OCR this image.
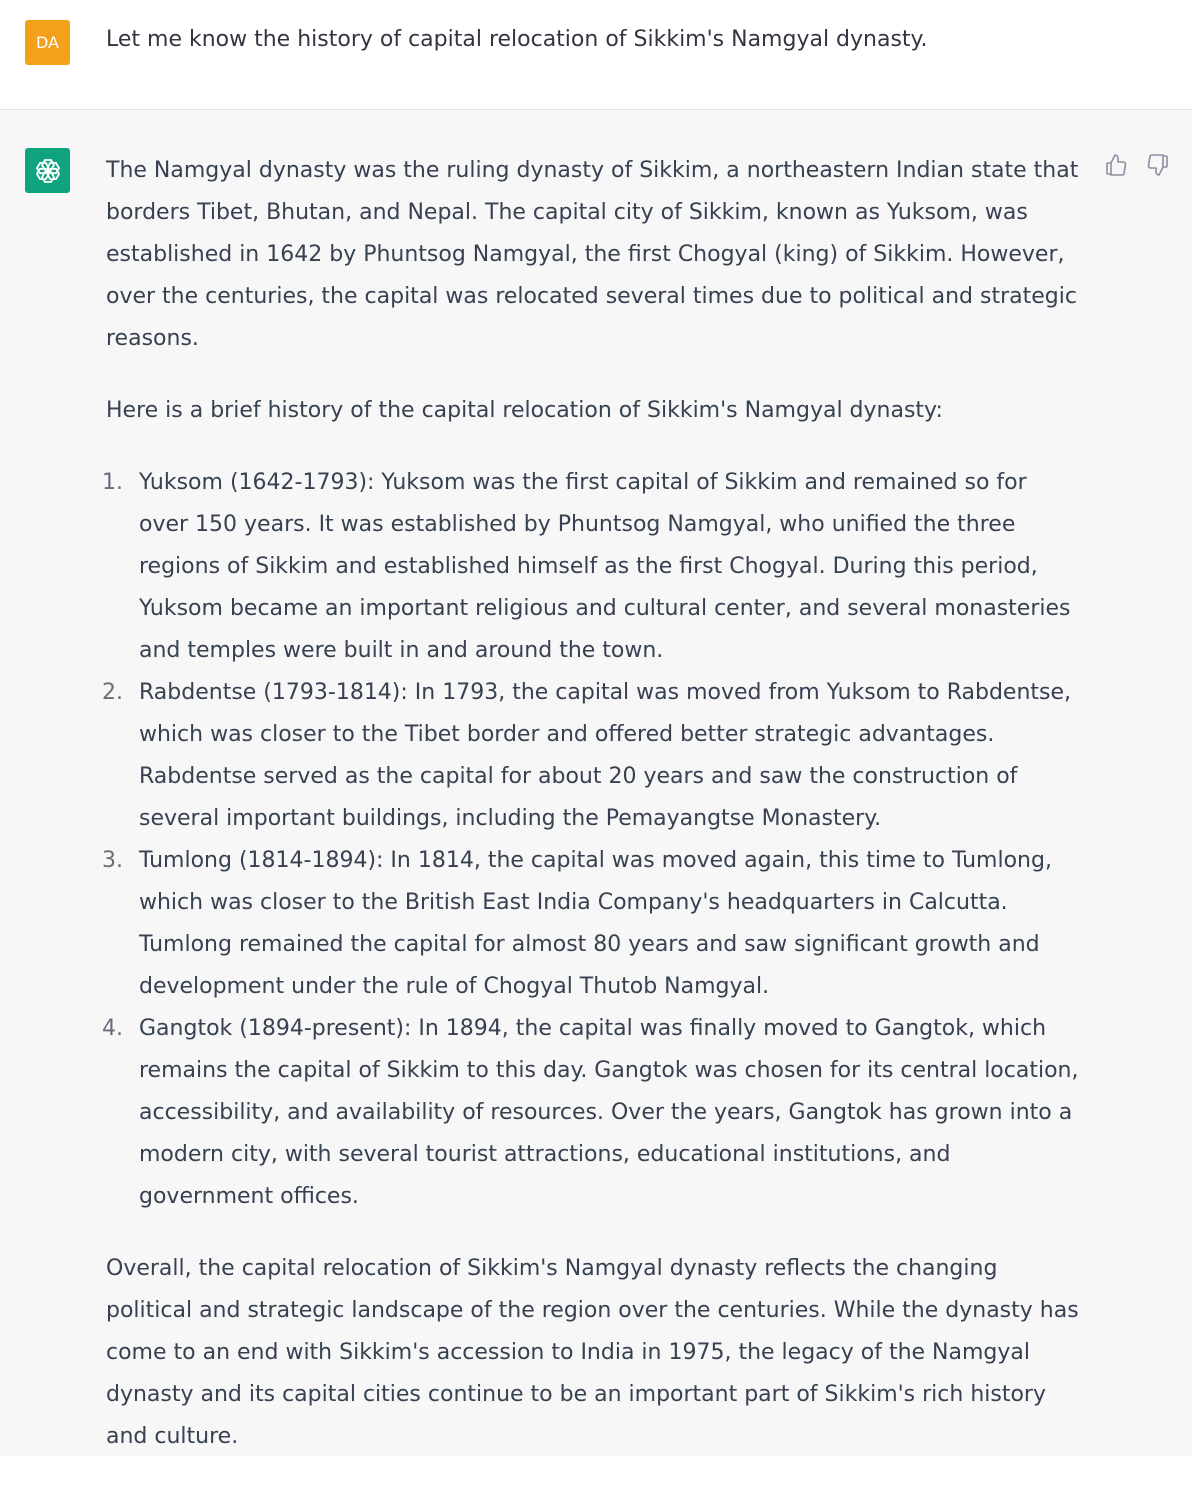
DA	Let me know the history of capital relocation of Sikkim's Namgyal dynasty.

The Namgyal dynasty was the ruling dynasty of Sikkim, a northeastern Indian state that borders Tibet, Bhutan, and Nepal. The capital city of Sikkim, known as Yuksom, was established in 1642 by Phuntsog Namgyal, the first Chogyal (king) of Sikkim. However, over the centuries, the capital was relocated several times due to political and strategic reasons.

Here is a brief history of the capital relocation of Sikkim's Namgyal dynasty:

1. Yuksom (1642-1793): Yuksom was the first capital of Sikkim and remained so for over 150 years. It was established by Phuntsog Namgyal, who unified the three regions of Sikkim and established himself as the first Chogyal. During this period, Yuksom became an important religious and cultural center, and several monasteries and temples were built in and around the town.
2. Rabdentse (1793-1814): In 1793, the capital was moved from Yuksom to Rabdentse, which was closer to the Tibet border and offered better strategic advantages. Rabdentse served as the capital for about 20 years and saw the construction of several important buildings, including the Pemayangtse Monastery.
3. Tumlong (1814-1894): In 1814, the capital was moved again, this time to Tumlong, which was closer to the British East India Company's headquarters in Calcutta. Tumlong remained the capital for almost 80 years and saw significant growth and development under the rule of Chogyal Thutob Namgyal.
4. Gangtok (1894-present): In 1894, the capital was finally moved to Gangtok, which remains the capital of Sikkim to this day. Gangtok was chosen for its central location, accessibility, and availability of resources. Over the years, Gangtok has grown into a modern city, with several tourist attractions, educational institutions, and government offices.

Overall, the capital relocation of Sikkim's Namgyal dynasty reflects the changing political and strategic landscape of the region over the centuries. While the dynasty has come to an end with Sikkim's accession to India in 1975, the legacy of the Namgyal dynasty and its capital cities continue to be an important part of Sikkim's rich history and culture.
